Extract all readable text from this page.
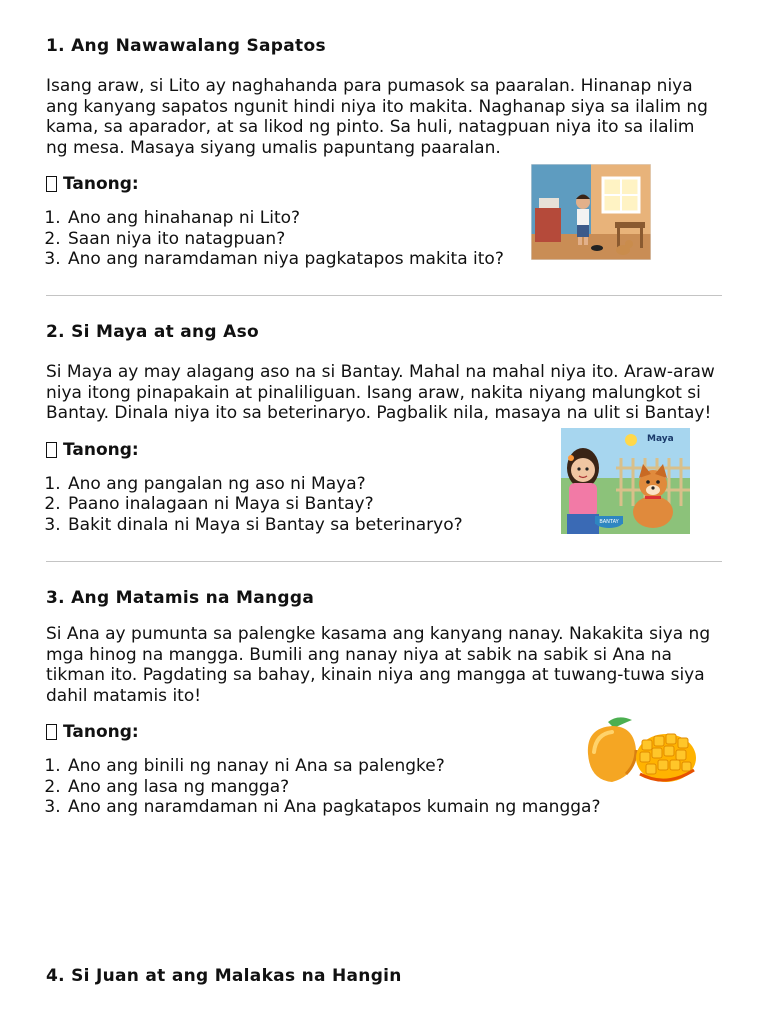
1. Ang Nawawalang Sapatos

Isang araw, si Lito ay naghahanda para pumasok sa paaralan. Hinanap niya ang kanyang sapatos ngunit hindi niya ito makita. Naghanap siya sa ilalim ng kama, sa aparador, at sa likod ng pinto. Sa huli, natagpuan niya ito sa ilalim ng mesa. Masaya siyang umalis papuntang paaralan.

Tanong:
1. Ano ang hinahanap ni Lito?
2. Saan niya ito natagpuan?
3. Ano ang naramdaman niya pagkatapos makita ito?
2. Si Maya at ang Aso

Si Maya ay may alagang aso na si Bantay. Mahal na mahal niya ito. Araw-araw niya itong pinapakain at pinaliliguan. Isang araw, nakita niyang malungkot si Bantay. Dinala niya ito sa beterinaryo. Pagbalik nila, masaya na ulit si Bantay!

Tanong:
1. Ano ang pangalan ng aso ni Maya?
2. Paano inalagaan ni Maya si Bantay?
3. Bakit dinala ni Maya si Bantay sa beterinaryo?
Maya
BANTAY
3. Ang Matamis na Mangga

Si Ana ay pumunta sa palengke kasama ang kanyang nanay. Nakakita siya ng mga hinog na mangga. Bumili ang nanay niya at sabik na sabik si Ana na tikman ito. Pagdating sa bahay, kinain niya ang mangga at tuwang-tuwa siya dahil matamis ito!

Tanong:
1. Ano ang binili ng nanay ni Ana sa palengke?
2. Ano ang lasa ng mangga?
3. Ano ang naramdaman ni Ana pagkatapos kumain ng mangga?
4. Si Juan at ang Malakas na Hangin
